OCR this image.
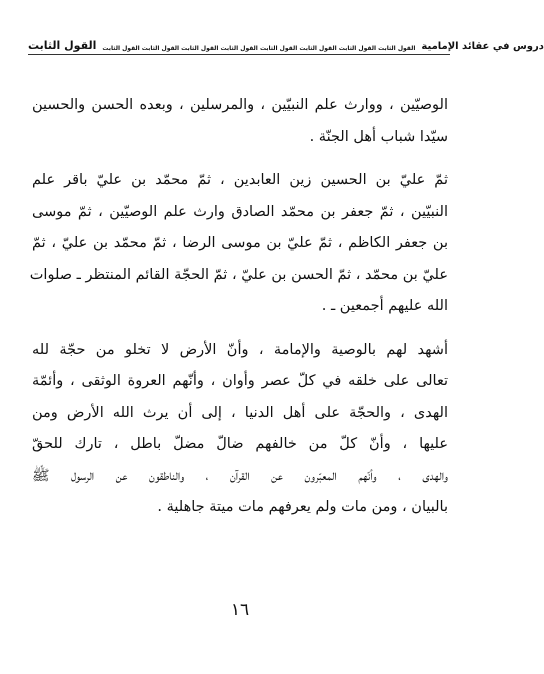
القول الثابت	القول الثابت القول الثابت القول الثابت القول الثابت القول الثابت القول الثابت القول الثابت القول الثابت دروس في عقائد الإمامية
الوصيّين ، ووارث علم النبيّين ، والمرسلين ، وبعده الحسن والحسين
سيّدا شباب أهل الجنّة .
ثمّ عليّ بن الحسين زين العابدين ، ثمّ محمّد بن عليّ باقر علم
النبيّين ، ثمّ جعفر بن محمّد الصادق وارث علم الوصيّين ، ثمّ موسى
بن جعفر الكاظم ، ثمّ عليّ بن موسى الرضا ، ثمّ محمّد بن عليّ ، ثمّ
عليّ بن محمّد ، ثمّ الحسن بن عليّ ، ثمّ الحجّة القائم المنتظر ـ صلوات
الله عليهم أجمعين ـ .
أشهد لهم بالوصية والإمامة ، وأنّ الأرض لا تخلو من حجّة لله
تعالى على خلقه في كلّ عصر وأوان ، وأنّهم العروة الوثقى ، وأئمّة
الهدى ، والحجّة على أهل الدنيا ، إلى أن يرث الله الأرض ومن
عليها ، وأنّ كلّ من خالفهم ضالّ مضلّ باطل ، تارك للحقّ
والهدى ، وأنّهم المعبّرون عن القرآن ، والناطقون عن الرسول ﷺ
بالبيان ، ومن مات ولم يعرفهم مات ميتة جاهلية .
١٦
